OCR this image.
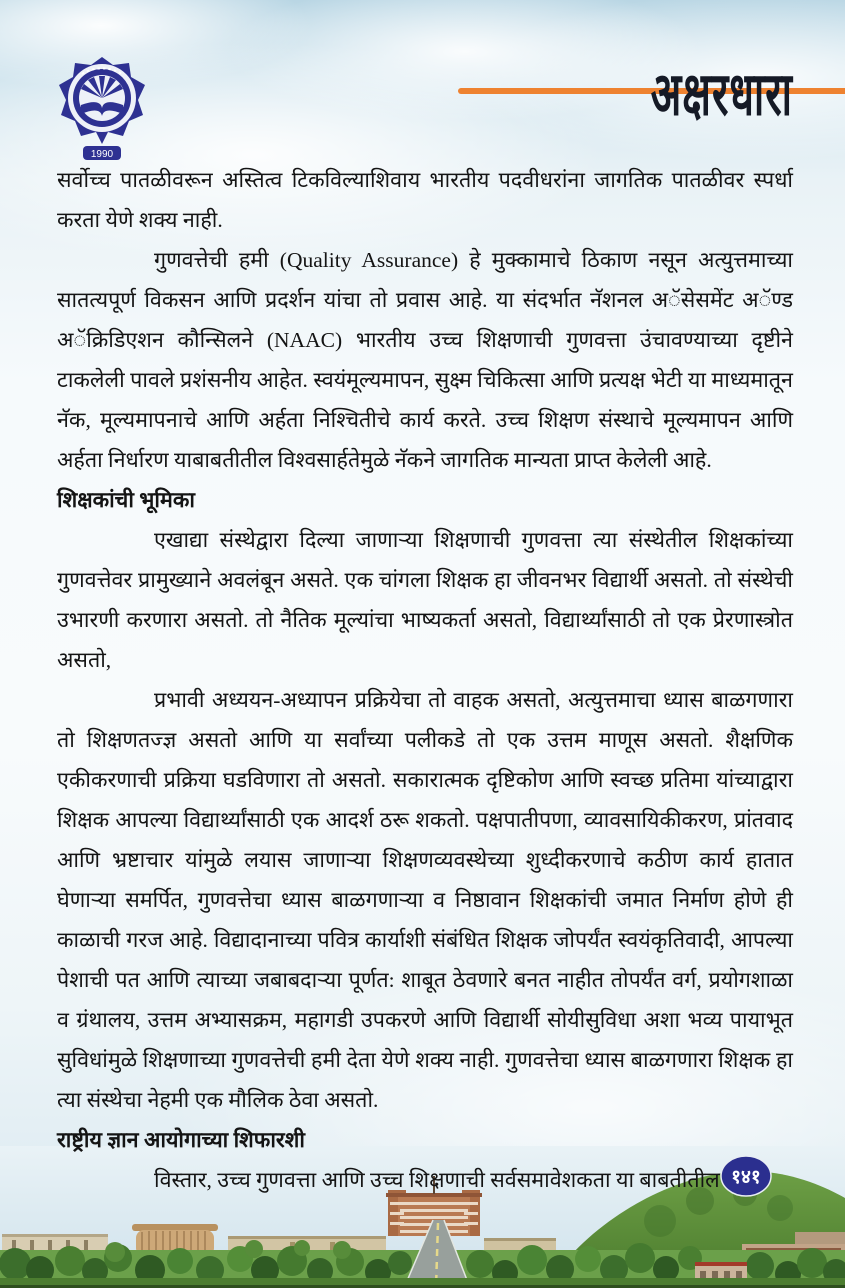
1990
अक्षरधारा

सर्वोच्च पातळीवरून अस्तित्व टिकविल्याशिवाय भारतीय पदवीधरांना जागतिक पातळीवर स्पर्धा करता येणे शक्य नाही.

गुणवत्तेची हमी (Quality Assurance) हे मुक्कामाचे ठिकाण नसून अत्युत्तमाच्या सातत्यपूर्ण विकसन आणि प्रदर्शन यांचा तो प्रवास आहे. या संदर्भात नॅशनल अॅसेसमेंट अॅण्ड अॅक्रिडिएशन कौन्सिलने (NAAC) भारतीय उच्च शिक्षणाची गुणवत्ता उंचावण्याच्या दृष्टीने टाकलेली पावले प्रशंसनीय आहेत. स्वयंमूल्यमापन, सुक्ष्म चिकित्सा आणि प्रत्यक्ष भेटी या माध्यमातून नॅक, मूल्यमापनाचे आणि अर्हता निश्चितीचे कार्य करते. उच्च शिक्षण संस्थाचे मूल्यमापन आणि अर्हता निर्धारण याबाबतीतील विश्वसार्हतेमुळे नॅकने जागतिक मान्यता प्राप्त केलेली आहे.

शिक्षकांची भूमिका

एखाद्या संस्थेद्वारा दिल्या जाणाऱ्या शिक्षणाची गुणवत्ता त्या संस्थेतील शिक्षकांच्या गुणवत्तेवर प्रामुख्याने अवलंबून असते. एक चांगला शिक्षक हा जीवनभर विद्यार्थी असतो. तो संस्थेची उभारणी करणारा असतो. तो नैतिक मूल्यांचा भाष्यकर्ता असतो, विद्यार्थ्यांसाठी तो एक प्रेरणास्त्रोत असतो,

प्रभावी अध्ययन-अध्यापन प्रक्रियेचा तो वाहक असतो, अत्युत्तमाचा ध्यास बाळगणारा तो शिक्षणतज्ज्ञ असतो आणि या सर्वांच्या पलीकडे तो एक उत्तम माणूस असतो. शैक्षणिक एकीकरणाची प्रक्रिया घडविणारा तो असतो. सकारात्मक दृष्टिकोण आणि स्वच्छ प्रतिमा यांच्याद्वारा शिक्षक आपल्या विद्यार्थ्यांसाठी एक आदर्श ठरू शकतो. पक्षपातीपणा, व्यावसायिकीकरण, प्रांतवाद आणि भ्रष्टाचार यांमुळे लयास जाणाऱ्या शिक्षणव्यवस्थेच्या शुध्दीकरणाचे कठीण कार्य हातात घेणाऱ्या समर्पित, गुणवत्तेचा ध्यास बाळगणाऱ्या व निष्ठावान शिक्षकांची जमात निर्माण होणे ही काळाची गरज आहे. विद्यादानाच्या पवित्र कार्याशी संबंधित शिक्षक जोपर्यंत स्वयंकृतिवादी, आपल्या पेशाची पत आणि त्याच्या जबाबदाऱ्या पूर्णत: शाबूत ठेवणारे बनत नाहीत तोपर्यंत वर्ग, प्रयोगशाळा व ग्रंथालय, उत्तम अभ्यासक्रम, महागडी उपकरणे आणि विद्यार्थी सोयीसुविधा अशा भव्य पायाभूत सुविधांमुळे शिक्षणाच्या गुणवत्तेची हमी देता येणे शक्य नाही. गुणवत्तेचा ध्यास बाळगणारा शिक्षक हा त्या संस्थेचा नेहमी एक मौलिक ठेवा असतो.

राष्ट्रीय ज्ञान आयोगाच्या शिफारशी

विस्तार, उच्च गुणवत्ता आणि उच्च शिक्षणाची सर्वसमावेशकता या बाबतीतील १४१
